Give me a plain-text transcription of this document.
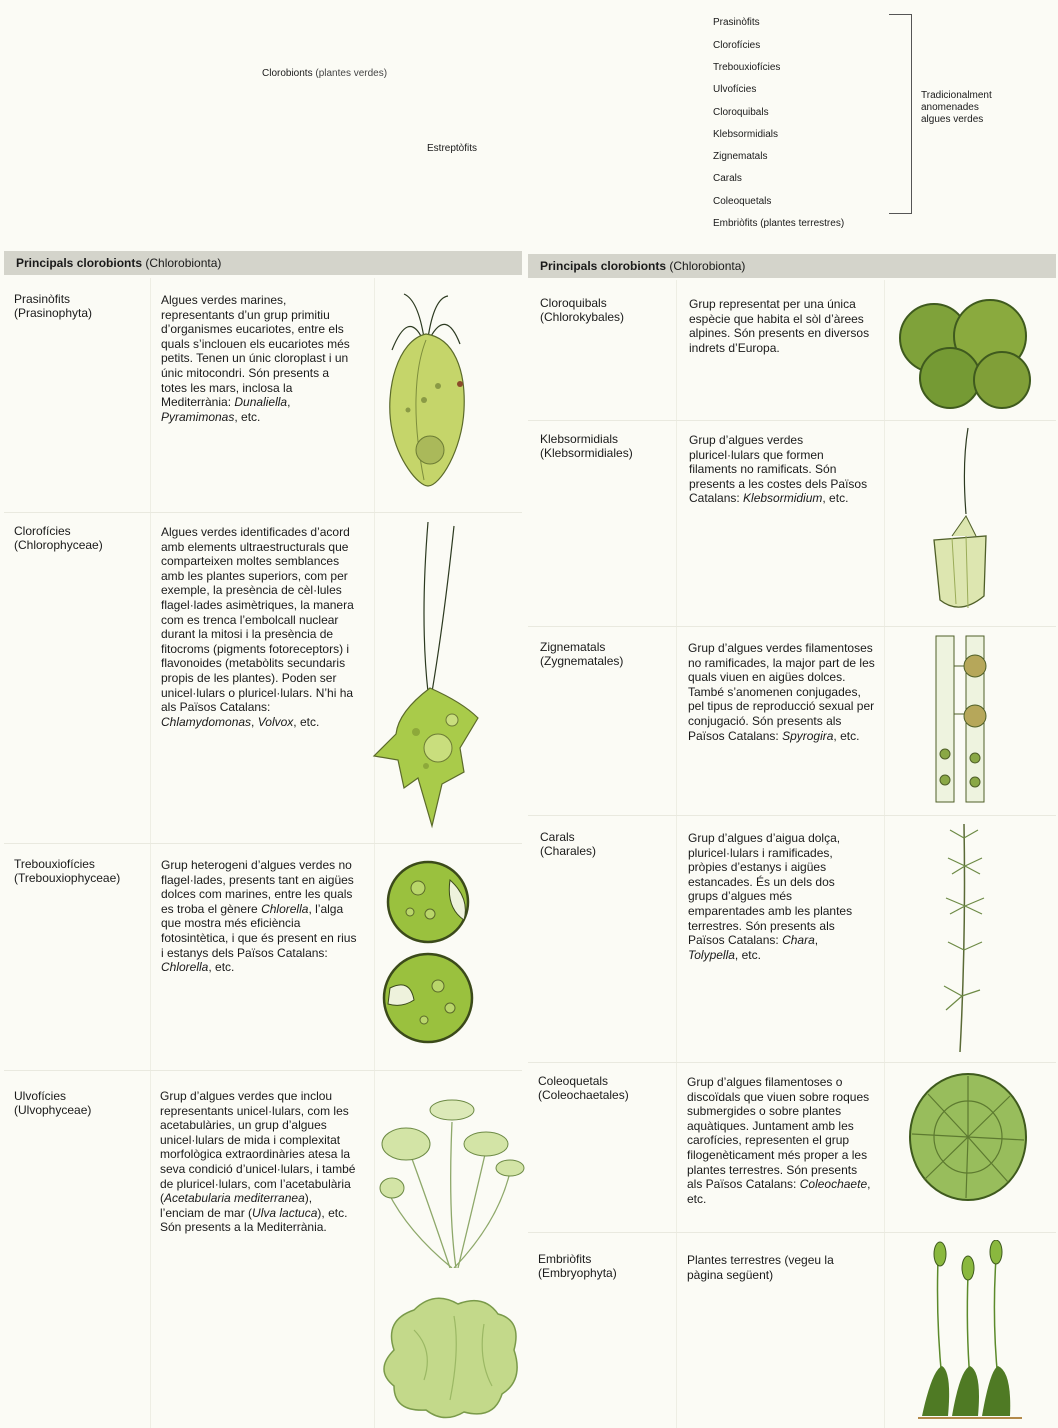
Clorobionts (plantes verdes)
Estreptòfits
Prasinòfits
Clorofícies
Trebouxiofícies
Ulvofícies
Cloroquibals
Klebsormidials
Zignematals
Carals
Coleoquetals
Embriòfits (plantes terrestres)
Tradicionalment
anomenades
algues verdes
Principals clorobionts (Chlorobionta)	Principals clorobionts (Chlorobionta)
Prasinòfits
(Prasinophyta)
Algues verdes marines, representants d’un grup primitiu d’organismes eucariotes, entre els quals s’inclouen els eucariotes més petits. Tenen un únic cloroplast i un únic mitocondri. Són presents a totes les mars, inclosa la Mediterrània: Dunaliella, Pyramimonas, etc.
Clorofícies
(Chlorophyceae)
Algues verdes identificades d’acord amb elements ultraestructurals que comparteixen moltes semblances amb les plantes superiors, com per exemple, la presència de cèl·lules flagel·lades asimètriques, la manera com es trenca l’embolcall nuclear durant la mitosi i la presència de fitocroms (pigments fotoreceptors) i flavonoides (metabòlits secundaris propis de les plantes). Poden ser unicel·lulars o pluricel·lulars. N’hi ha als Països Catalans: Chlamydomonas, Volvox, etc.
Trebouxiofícies
(Trebouxiophyceae)
Grup heterogeni d’algues verdes no flagel·lades, presents tant en aigües dolces com marines, entre les quals es troba el gènere Chlorella, l’alga que mostra més eficiència fotosintètica, i que és present en rius i estanys dels Països Catalans: Chlorella, etc.
Ulvofícies
(Ulvophyceae)
Grup d’algues verdes que inclou representants unicel·lulars, com les acetabulàries, un grup d’algues unicel·lulars de mida i complexitat morfològica extraordinàries atesa la seva condició d’unicel·lulars, i també de pluricel·lulars, com l’acetabulària (Acetabularia mediterranea), l’enciam de mar (Ulva lactuca), etc. Són presents a la Mediterrània.
Cloroquibals
(Chlorokybales)
Grup representat per una única espècie que habita el sòl d’àrees alpines. Són presents en diversos indrets d’Europa.
Klebsormidials
(Klebsormidiales)
Grup d’algues verdes pluricel·lulars que formen filaments no ramificats. Són presents a les costes dels Països Catalans: Klebsormidium, etc.
Zignematals
(Zygnematales)
Grup d’algues verdes filamentoses no ramificades, la major part de les quals viuen en aigües dolces. També s’anomenen conjugades, pel tipus de reproducció sexual per conjugació. Són presents als Països Catalans: Spyrogira, etc.
Carals
(Charales)
Grup d’algues d’aigua dolça, pluricel·lulars i ramificades, pròpies d’estanys i aigües estancades. És un dels dos grups d’algues més emparentades amb les plantes terrestres. Són presents als Països Catalans: Chara, Tolypella, etc.
Coleoquetals
(Coleochaetales)
Grup d’algues filamentoses o discoïdals que viuen sobre roques submergides o sobre plantes aquàtiques. Juntament amb les carofícies, representen el grup filogenèticament més proper a les plantes terrestres. Són presents als Països Catalans: Coleochaete, etc.
Embriòfits
(Embryophyta)
Plantes terrestres (vegeu la pàgina següent)
